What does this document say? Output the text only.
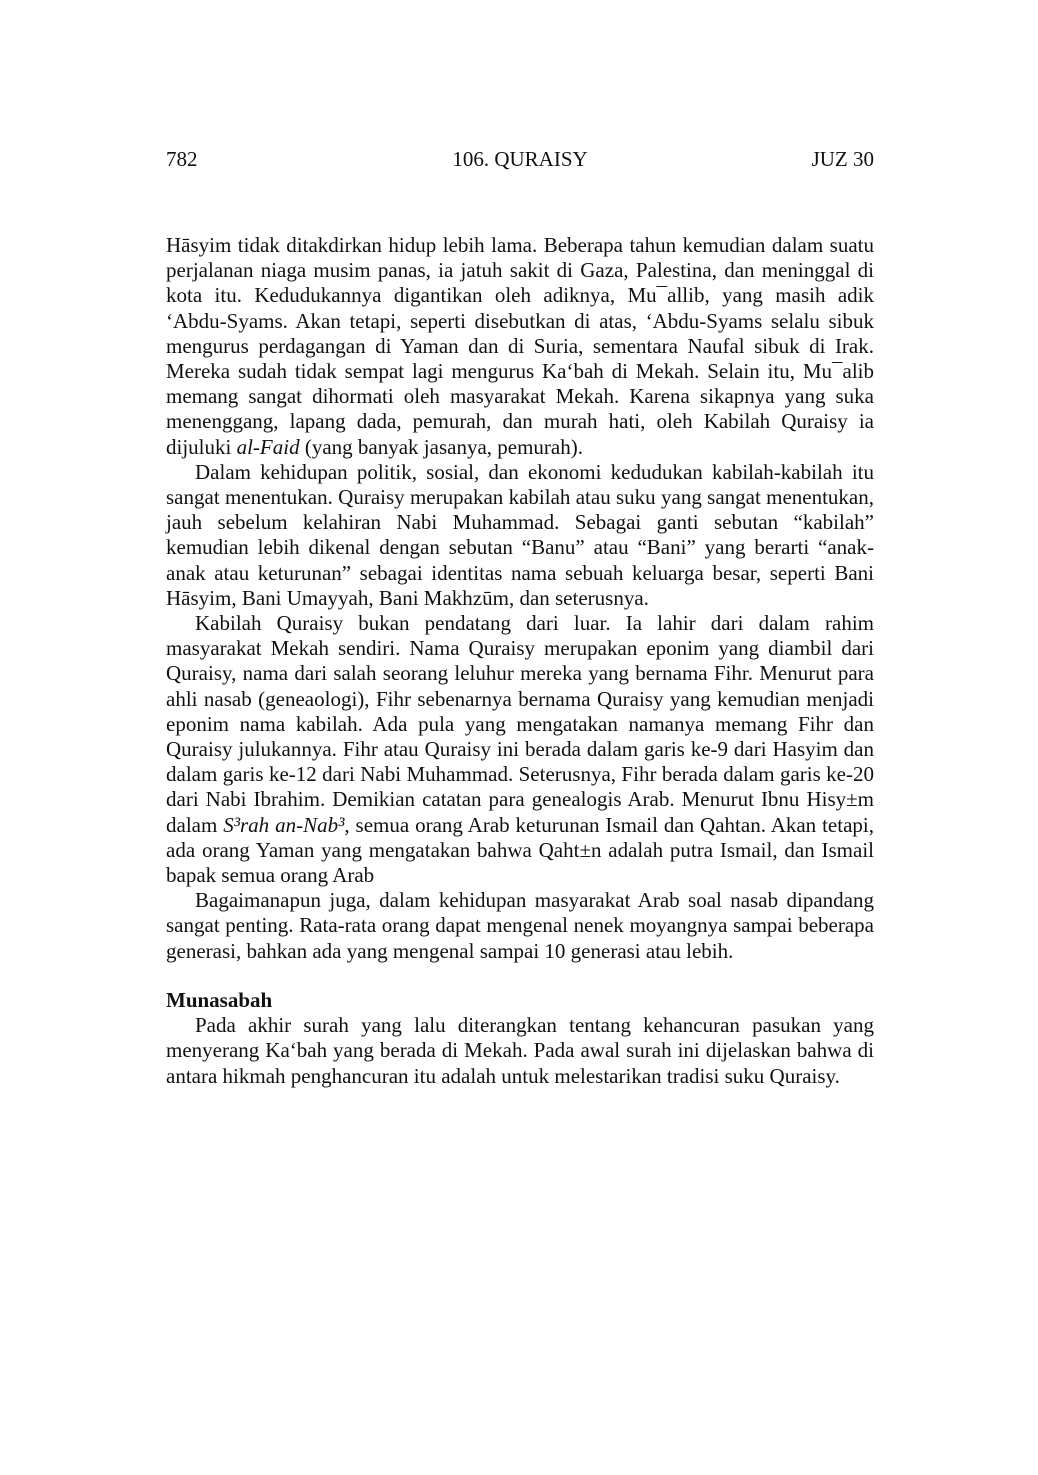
782	106. QURAISY	JUZ 30

Hāsyim tidak ditakdirkan hidup lebih lama. Beberapa tahun kemudian dalam suatu perjalanan niaga musim panas, ia jatuh sakit di Gaza, Palestina, dan meninggal di kota itu. Kedudukannya digantikan oleh adiknya, Mu¯allib, yang masih adik ‘Abdu-Syams. Akan tetapi, seperti disebutkan di atas, ‘Abdu-Syams selalu sibuk mengurus perdagangan di Yaman dan di Suria, sementara Naufal sibuk di Irak. Mereka sudah tidak sempat lagi mengurus Ka‘bah di Mekah. Selain itu, Mu¯alib memang sangat dihormati oleh masyarakat Mekah. Karena sikapnya yang suka menenggang, lapang dada, pemurah, dan murah hati, oleh Kabilah Quraisy ia dijuluki al-Faid (yang banyak jasanya, pemurah).

Dalam kehidupan politik, sosial, dan ekonomi kedudukan kabilah-kabilah itu sangat menentukan. Quraisy merupakan kabilah atau suku yang sangat menentukan, jauh sebelum kelahiran Nabi Muhammad. Sebagai ganti sebutan “kabilah” kemudian lebih dikenal dengan sebutan “Banu” atau “Bani” yang berarti “anak-anak atau keturunan” sebagai identitas nama sebuah keluarga besar, seperti Bani Hāsyim, Bani Umayyah, Bani Makhzūm, dan seterusnya.

Kabilah Quraisy bukan pendatang dari luar. Ia lahir dari dalam rahim masyarakat Mekah sendiri. Nama Quraisy merupakan eponim yang diambil dari Quraisy, nama dari salah seorang leluhur mereka yang bernama Fihr. Menurut para ahli nasab (geneaologi), Fihr sebenarnya bernama Quraisy yang kemudian menjadi eponim nama kabilah. Ada pula yang mengatakan namanya memang Fihr dan Quraisy julukannya. Fihr atau Quraisy ini berada dalam garis ke-9 dari Hasyim dan dalam garis ke-12 dari Nabi Muhammad. Seterusnya, Fihr berada dalam garis ke-20 dari Nabi Ibrahim. Demikian catatan para genealogis Arab. Menurut Ibnu Hisy±m dalam S³rah an-Nab³, semua orang Arab keturunan Ismail dan Qahtan. Akan tetapi, ada orang Yaman yang mengatakan bahwa Qaht±n adalah putra Ismail, dan Ismail bapak semua orang Arab

Bagaimanapun juga, dalam kehidupan masyarakat Arab soal nasab dipandang sangat penting. Rata-rata orang dapat mengenal nenek moyangnya sampai beberapa generasi, bahkan ada yang mengenal sampai 10 generasi atau lebih.

Munasabah

Pada akhir surah yang lalu diterangkan tentang kehancuran pasukan yang menyerang Ka‘bah yang berada di Mekah. Pada awal surah ini dijelaskan bahwa di antara hikmah penghancuran itu adalah untuk melestarikan tradisi suku Quraisy.
